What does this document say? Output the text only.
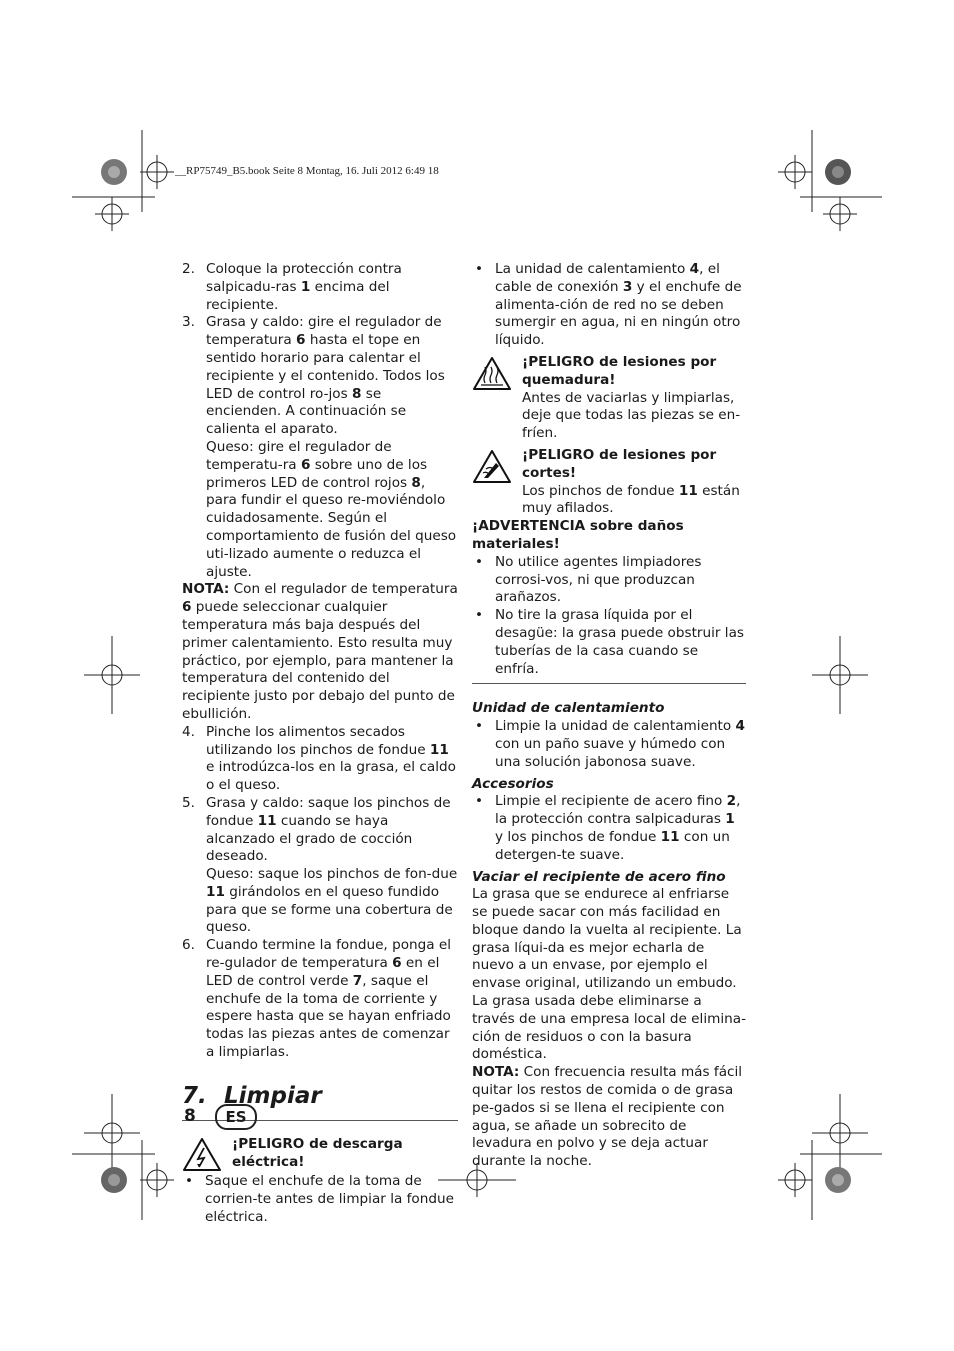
__RP75749_B5.book Seite 8 Montag, 16. Juli 2012 6:49 18
2. Coloque la protección contra salpicadu-ras 1 encima del recipiente.
3. Grasa y caldo: gire el regulador de temperatura 6 hasta el tope en sentido horario para calentar el recipiente y el contenido. Todos los LED de control ro-jos 8 se encienden. A continuación se calienta el aparato.
Queso: gire el regulador de temperatu-ra 6 sobre uno de los primeros LED de control rojos 8, para fundir el queso re-moviéndolo cuidadosamente. Según el comportamiento de fusión del queso uti-lizado aumente o reduzca el ajuste.
NOTA: Con el regulador de temperatura 6 puede seleccionar cualquier temperatura más baja después del primer calentamiento. Esto resulta muy práctico, por ejemplo, para mantener la temperatura del contenido del recipiente justo por debajo del punto de ebullición.
4. Pinche los alimentos secados utilizando los pinchos de fondue 11 e introdúzca-los en la grasa, el caldo o el queso.
5. Grasa y caldo: saque los pinchos de fondue 11 cuando se haya alcanzado el grado de cocción deseado.
Queso: saque los pinchos de fon-due 11 girándolos en el queso fundido para que se forme una cobertura de queso.
6. Cuando termine la fondue, ponga el re-gulador de temperatura 6 en el LED de control verde 7, saque el enchufe de la toma de corriente y espere hasta que se hayan enfriado todas las piezas antes de comenzar a limpiarlas.
7. Limpiar
¡PELIGRO de descarga eléctrica!
• Saque el enchufe de la toma de corrien-te antes de limpiar la fondue eléctrica.
• La unidad de calentamiento 4, el cable de conexión 3 y el enchufe de alimenta-ción de red no se deben sumergir en agua, ni en ningún otro líquido.
¡PELIGRO de lesiones por quemadura!
Antes de vaciarlas y limpiarlas, deje que todas las piezas se en-fríen.
¡PELIGRO de lesiones por cortes!
Los pinchos de fondue 11 están muy afilados.
¡ADVERTENCIA sobre daños materiales!
• No utilice agentes limpiadores corrosi-vos, ni que produzcan arañazos.
• No tire la grasa líquida por el desagüe: la grasa puede obstruir las tuberías de la casa cuando se enfría.
Unidad de calentamiento
• Limpie la unidad de calentamiento 4 con un paño suave y húmedo con una solución jabonosa suave.
Accesorios
• Limpie el recipiente de acero fino 2, la protección contra salpicaduras 1 y los pinchos de fondue 11 con un detergen-te suave.
Vaciar el recipiente de acero fino
La grasa que se endurece al enfriarse se puede sacar con más facilidad en bloque dando la vuelta al recipiente. La grasa líqui-da es mejor echarla de nuevo a un envase, por ejemplo el envase original, utilizando un embudo. La grasa usada debe eliminarse a través de una empresa local de elimina-ción de residuos o con la basura doméstica.
NOTA: Con frecuencia resulta más fácil quitar los restos de comida o de grasa pe-gados si se llena el recipiente con agua, se añade un sobrecito de levadura en polvo y se deja actuar durante la noche.
8	ES
